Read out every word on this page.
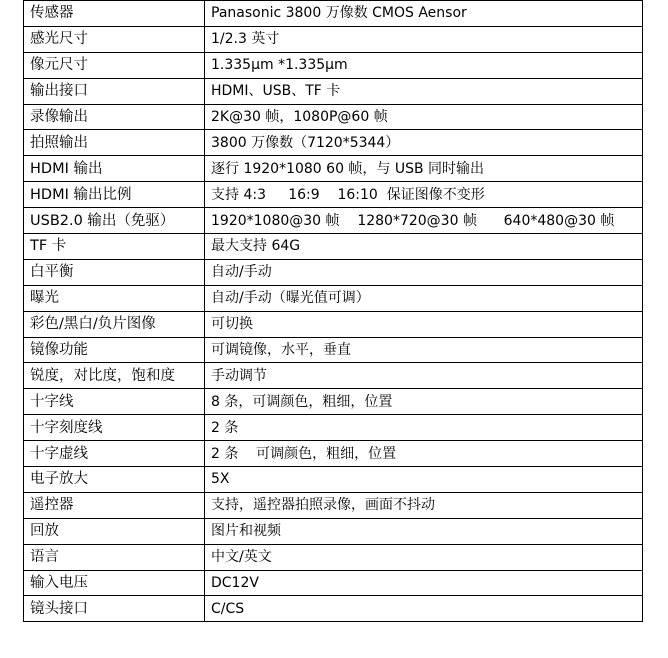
传感器	Panasonic 3800 万像数 CMOS Aensor
感光尺寸	1/2.3 英寸
像元尺寸	1.335μm *1.335μm
输出接口	HDMI、USB、TF 卡
录像输出	2K@30 帧，1080P@60 帧
拍照输出	3800 万像数（7120*5344）
HDMI 输出	逐行 1920*1080 60 帧，与 USB 同时输出
HDMI 输出比例	支持 4:3     16:9    16:10  保证图像不变形
USB2.0 输出（免驱）	1920*1080@30 帧    1280*720@30 帧      640*480@30 帧
TF 卡	最大支持 64G
白平衡	自动/手动
曝光	自动/手动（曝光值可调）
彩色/黑白/负片图像	可切换
镜像功能	可调镜像，水平，垂直
锐度，对比度，饱和度	手动调节
十字线	8 条，可调颜色，粗细，位置
十字刻度线	2 条
十字虚线	2 条    可调颜色，粗细，位置
电子放大	5X
遥控器	支持，遥控器拍照录像，画面不抖动
回放	图片和视频
语言	中文/英文
输入电压	DC12V
镜头接口	C/CS
